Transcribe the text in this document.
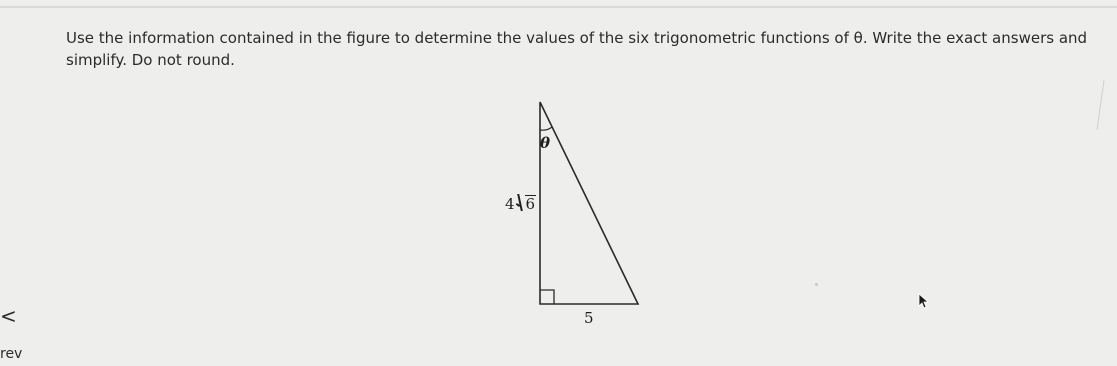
Use the information contained in the figure to determine the values of the six trigonometric functions of θ. Write the exact answers and simplify. Do not round.

θ
4 6
5
<
rev
